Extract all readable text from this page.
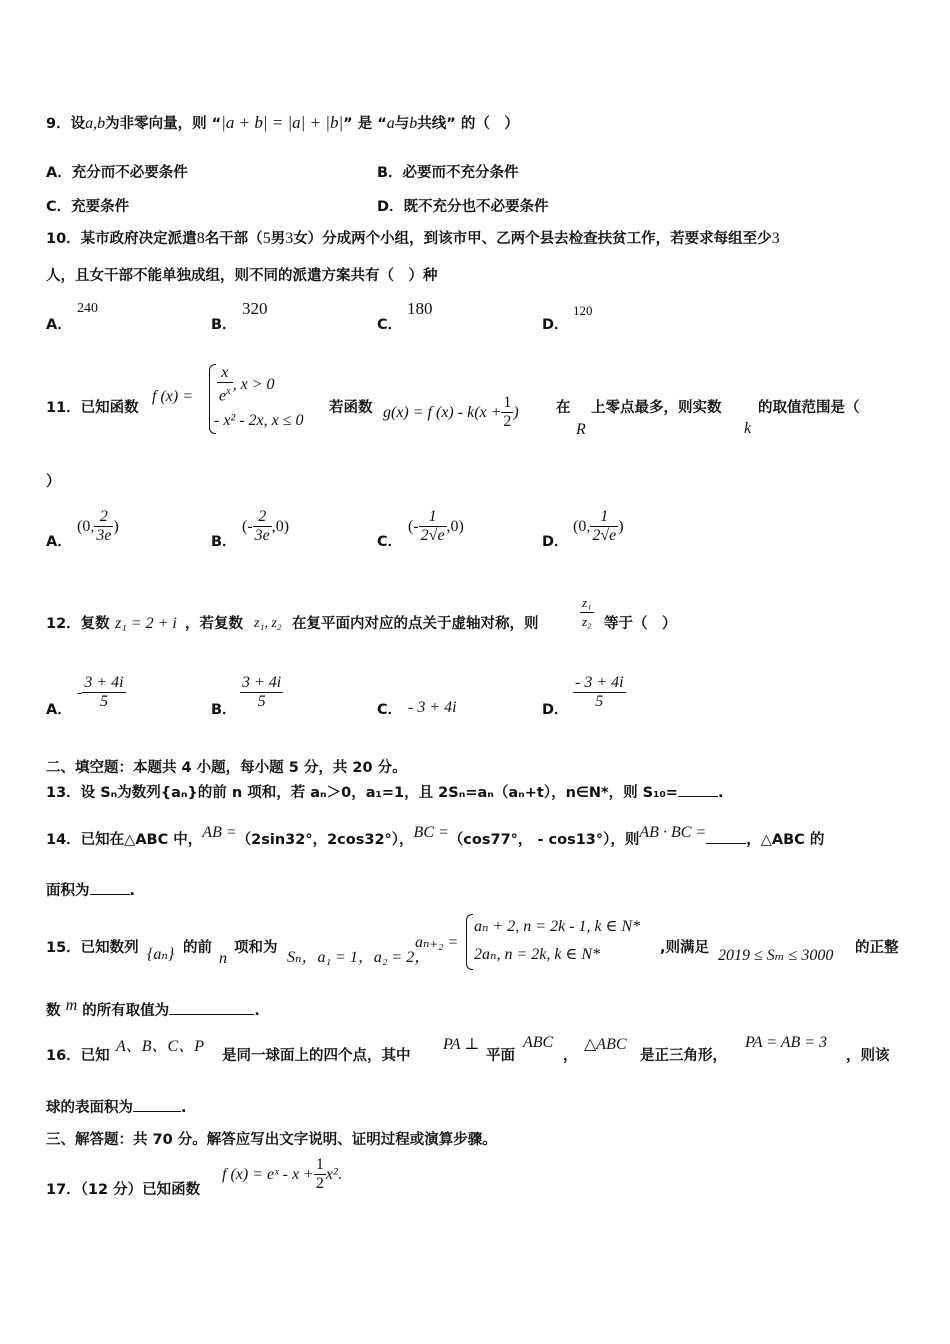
9．设a,b为非零向量，则 “|a + b| = |a| + |b|” 是 “a与b共线” 的（　）
A．充分而不必要条件	B．必要而不充分条件
C．充要条件	D．既不充分也不必要条件
10．某市政府决定派遣8名干部（5男3女）分成两个小组，到该市甲、乙两个县去检查扶贫工作，若要求每组至少3
人，且女干部不能单独成组，则不同的派遣方案共有（　）种
A．
240
B．
320
C．
180
D．
120
11．已知函数
f $(x) = \frac{x}{e^x}$ , x > 0
- x² - 2x, x ≤ 0
若函数 g(x) = f $(x) - k(x + \frac{1}{2}$ )	在
R
上零点最多，则实数
k
的取值范围是（
）
A．
(0, $\frac{2}{3e}$ )
B．
(- $\frac{2}{3e} ,0$)
C．
(- $\frac{1}{2√e} ,0$)
D．
(0, $\frac{1}{2√e}$ )
12．复数 z₁ = 2 + i ，若复数 z₁, z₂ 在复平面内对应的点关于虚轴对称，则	$\frac{\text{z₁}}{\text{z₂}}$ 等于（　）
A．
- $\frac{3 + 4i}{5}$	B． $\frac{3 + 4i}{5}$	C． - 3 + 4i	D． $\frac{- 3 + 4i}{5}$
二、填空题：本题共 4 小题，每小题 5 分，共 20 分。
13．设 Sₙ为数列{aₙ}的前 n 项和，若 aₙ＞0，a₁=1，且 2Sₙ=aₙ（aₙ+t），n∈N*，则 S₁₀=	.
14．已知在△ABC 中，AB =（2sin32°，2cos32°），BC =（cos77°， - cos13°），则AB · BC =	，△ABC 的
面积为	.
15．已知数列 {aₙ} 的前
n
项和为
Sₙ，a₁ = 1，a₂ = 2，
aₙ₊₂ =
aₙ + 2, n = 2k - 1, k ∈ N*
2aₙ, n = 2k, k ∈ N*	,则满足 2019 ≤ Sₘ ≤ 3000 的正整
数 m 的所有取值为	.
16．已知
A、B、C、P
是同一球面上的四个点，其中
PA ⊥
平面
ABC
，
△ABC
是正三角形，
PA = AB = 3
，则该
球的表面积为	.
三、解答题：共 70 分。解答应写出文字说明、证明过程或演算步骤。
17．（12 分）已知函数
f (x) = eˣ - $x + \frac{1}{2} x^2$.
